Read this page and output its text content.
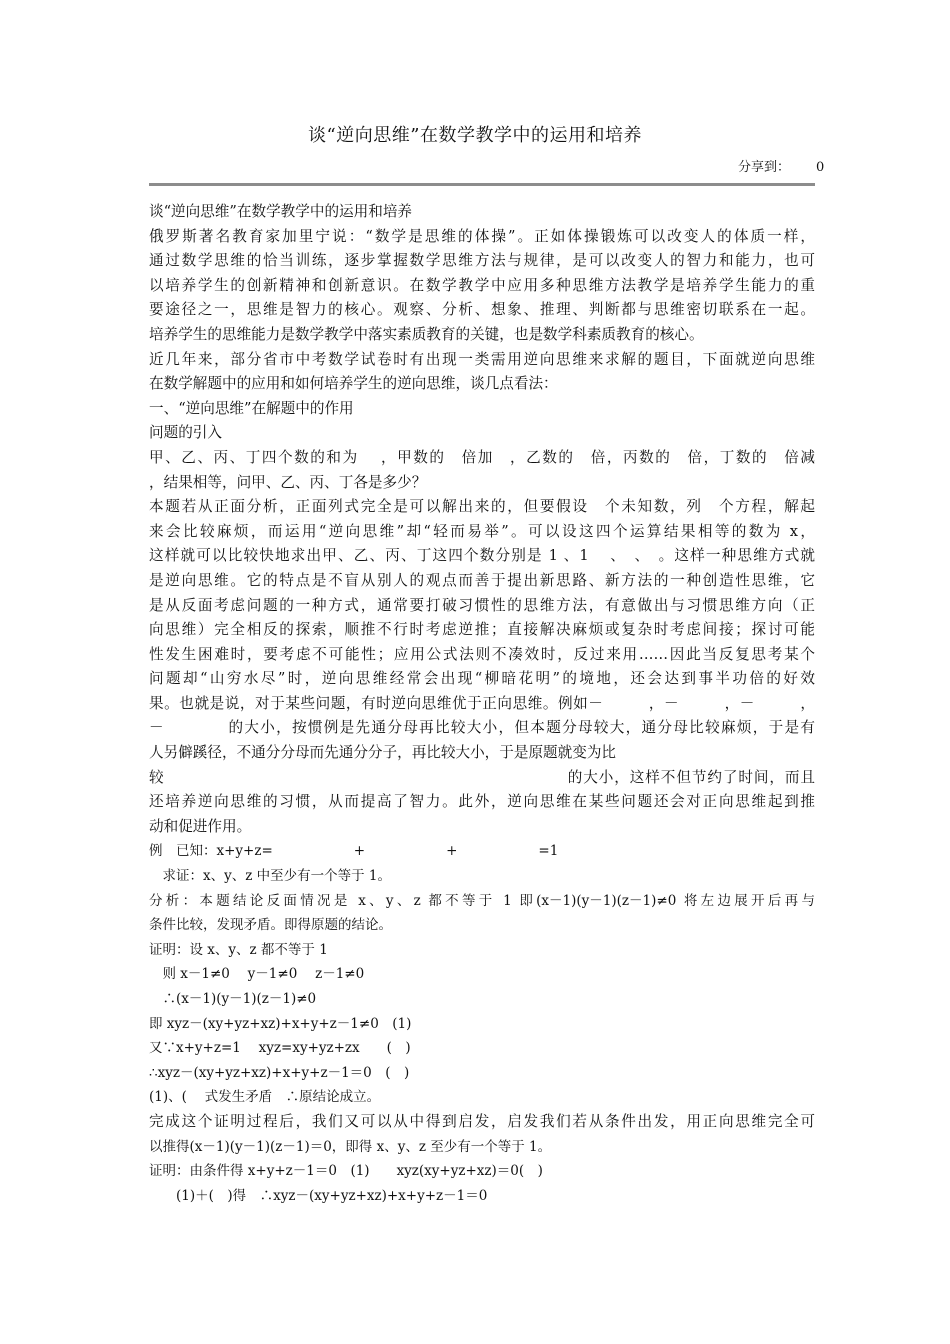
谈“逆向思维”在数学教学中的运用和培养
分享到： 0
谈“逆向思维”在数学教学中的运用和培养
俄罗斯著名教育家加里宁说：“数学是思维的体操”。正如体操锻炼可以改变人的体质一样，
通过数学思维的恰当训练，逐步掌握数学思维方法与规律，是可以改变人的智力和能力，也可
以培养学生的创新精神和创新意识。在数学教学中应用多种思维方法教学是培养学生能力的重
要途径之一，思维是智力的核心。观察、分析、想象、推理、判断都与思维密切联系在一起。
培养学生的思维能力是数学教学中落实素质教育的关键，也是数学科素质教育的核心。
近几年来，部分省市中考数学试卷时有出现一类需用逆向思维来求解的题目，下面就逆向思维
在数学解题中的应用和如何培养学生的逆向思维，谈几点看法：
一、“逆向思维”在解题中的作用
问题的引入
甲、乙、丙、丁四个数的和为　 ，甲数的　倍加　，乙数的　倍，丙数的　倍，丁数的　倍减
，结果相等，问甲、乙、丙、丁各是多少？
本题若从正面分析，正面列式完全是可以解出来的，但要假设　个未知数，列　个方程，解起
来会比较麻烦，而运用“逆向思维”却“轻而易举”。可以设这四个运算结果相等的数为 x，
这样就可以比较快地求出甲、乙、丙、丁这四个数分别是 1 、1 　、　、　。这样一种思维方式就
是逆向思维。它的特点是不盲从别人的观点而善于提出新思路、新方法的一种创造性思维，它
是从反面考虑问题的一种方式，通常要打破习惯性的思维方法，有意做出与习惯思维方向（正
向思维）完全相反的探索，顺推不行时考虑逆推；直接解决麻烦或复杂时考虑间接；探讨可能
性发生困难时，要考虑不可能性；应用公式法则不凑效时，反过来用……因此当反复思考某个
问题却“山穷水尽”时，逆向思维经常会出现“柳暗花明”的境地，还会达到事半功倍的好效
果。也就是说，对于某些问题，有时逆向思维优于正向思维。例如－　　　，－　　　，－　　　，
－　　　　的大小，按惯例是先通分母再比较大小，但本题分母较大，通分母比较麻烦，于是有
人另僻蹊径，不通分分母而先通分分子，再比较大小，于是原题就变为比
较　　　　　　　　　　　　　　　　　　　　　　　　　　的大小，这样不但节约了时间，而且
还培养逆向思维的习惯，从而提高了智力。此外，逆向思维在某些问题还会对正向思维起到推
动和促进作用。
例　已知：x+y+z=　　　　　　+　　　　　　+　　　　　　=1
　求证：x、y、z 中至少有一个等于 1。
分析：本题结论反面情况是 x、y、z 都不等于 1 即(x－1)(y－1)(z－1)≠0 将左边展开后再与
条件比较，发现矛盾。即得原题的结论。
证明：设 x、y、z 都不等于 1
　则 x－1≠0　 y－1≠0　 z－1≠0
　∴(x－1)(y－1)(z－1)≠0
即 xyz－(xy+yz+xz)+x+y+z－1≠0　(1)
又∵x+y+z=1　 xyz=xy+yz+zx　　(　)
∴xyz－(xy+yz+xz)+x+y+z－1＝0　(　)
(1)、(　 式发生矛盾　∴原结论成立。
完成这个证明过程后，我们又可以从中得到启发，启发我们若从条件出发，用正向思维完全可
以推得(x－1)(y－1)(z－1)＝0，即得 x、y、z 至少有一个等于 1。
证明：由条件得 x+y+z－1＝0　(1)　　xyz(xy+yz+xz)＝0(　)
　　(1)＋(　)得　∴xyz－(xy+yz+xz)+x+y+z－1＝0
